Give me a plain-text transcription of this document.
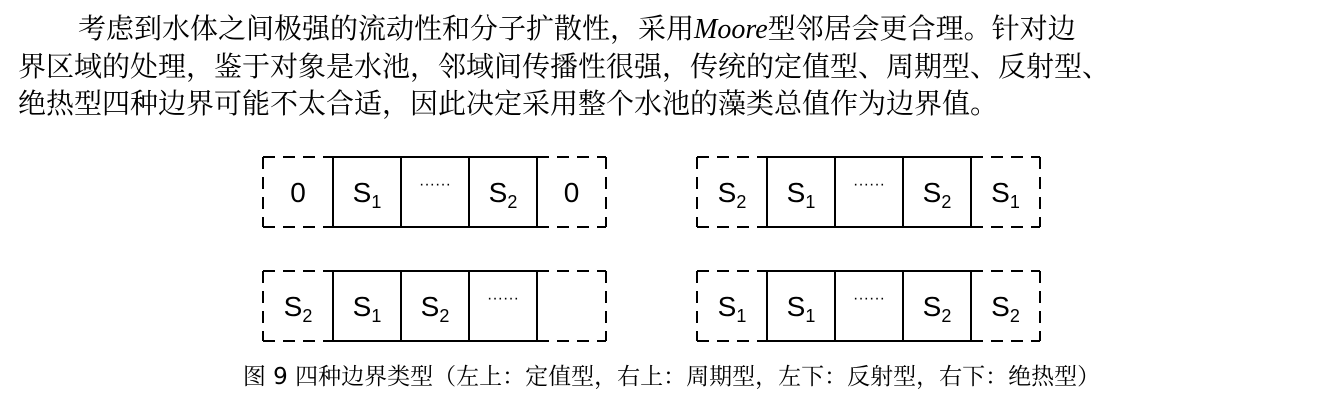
考虑到水体之间极强的流动性和分子扩散性，采用Moore型邻居会更合理。针对边
界区域的处理，鉴于对象是水池，邻域间传播性很强，传统的定值型、周期型、反射型、
绝热型四种边界可能不太合适，因此决定采用整个水池的藻类总值作为边界值。
0 $S_1$
······ $S_2$ 0	$S_2$ $S_1$
······ $S_2$ $S_1$
$S_2$ $S_1$ $S_2$
······	$S_1$ $S_1$
······ $S_2$ $S_2$
图 9 四种边界类型（左上：定值型，右上：周期型，左下：反射型，右下：绝热型）
